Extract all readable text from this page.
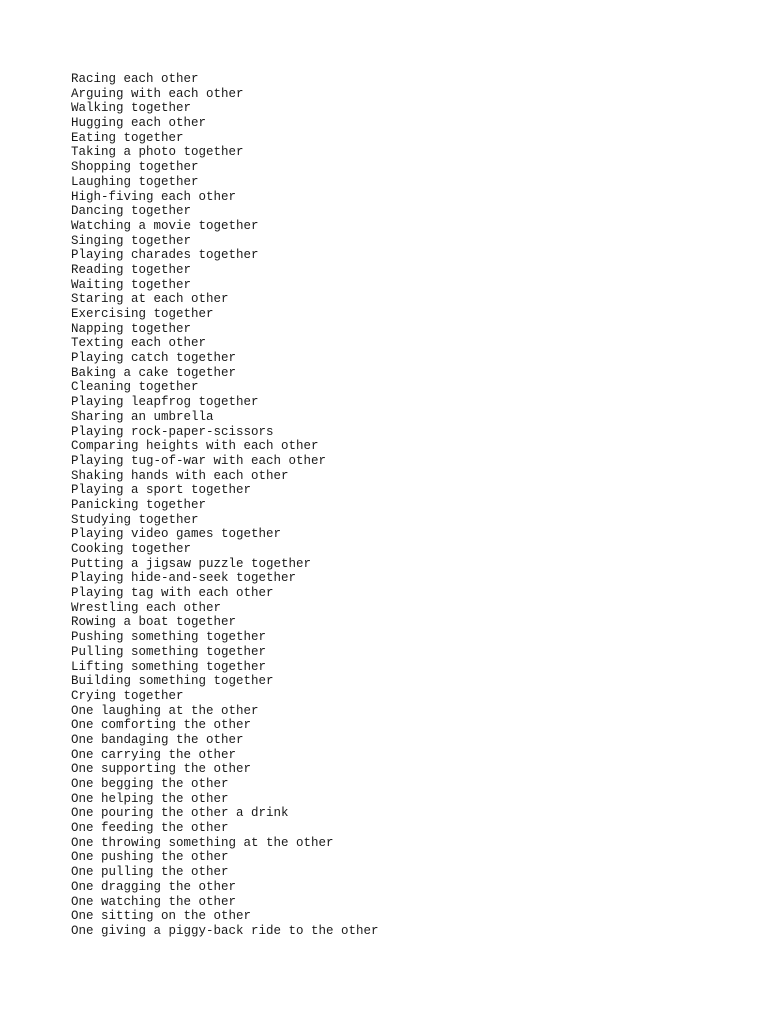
Racing each other
Arguing with each other
Walking together
Hugging each other
Eating together
Taking a photo together
Shopping together
Laughing together
High-fiving each other
Dancing together
Watching a movie together
Singing together
Playing charades together
Reading together
Waiting together
Staring at each other
Exercising together
Napping together
Texting each other
Playing catch together
Baking a cake together
Cleaning together
Playing leapfrog together
Sharing an umbrella
Playing rock-paper-scissors
Comparing heights with each other
Playing tug-of-war with each other
Shaking hands with each other
Playing a sport together
Panicking together
Studying together
Playing video games together
Cooking together
Putting a jigsaw puzzle together
Playing hide-and-seek together
Playing tag with each other
Wrestling each other
Rowing a boat together
Pushing something together
Pulling something together
Lifting something together
Building something together
Crying together
One laughing at the other
One comforting the other
One bandaging the other
One carrying the other
One supporting the other
One begging the other
One helping the other
One pouring the other a drink
One feeding the other
One throwing something at the other
One pushing the other
One pulling the other
One dragging the other
One watching the other
One sitting on the other
One giving a piggy-back ride to the other
